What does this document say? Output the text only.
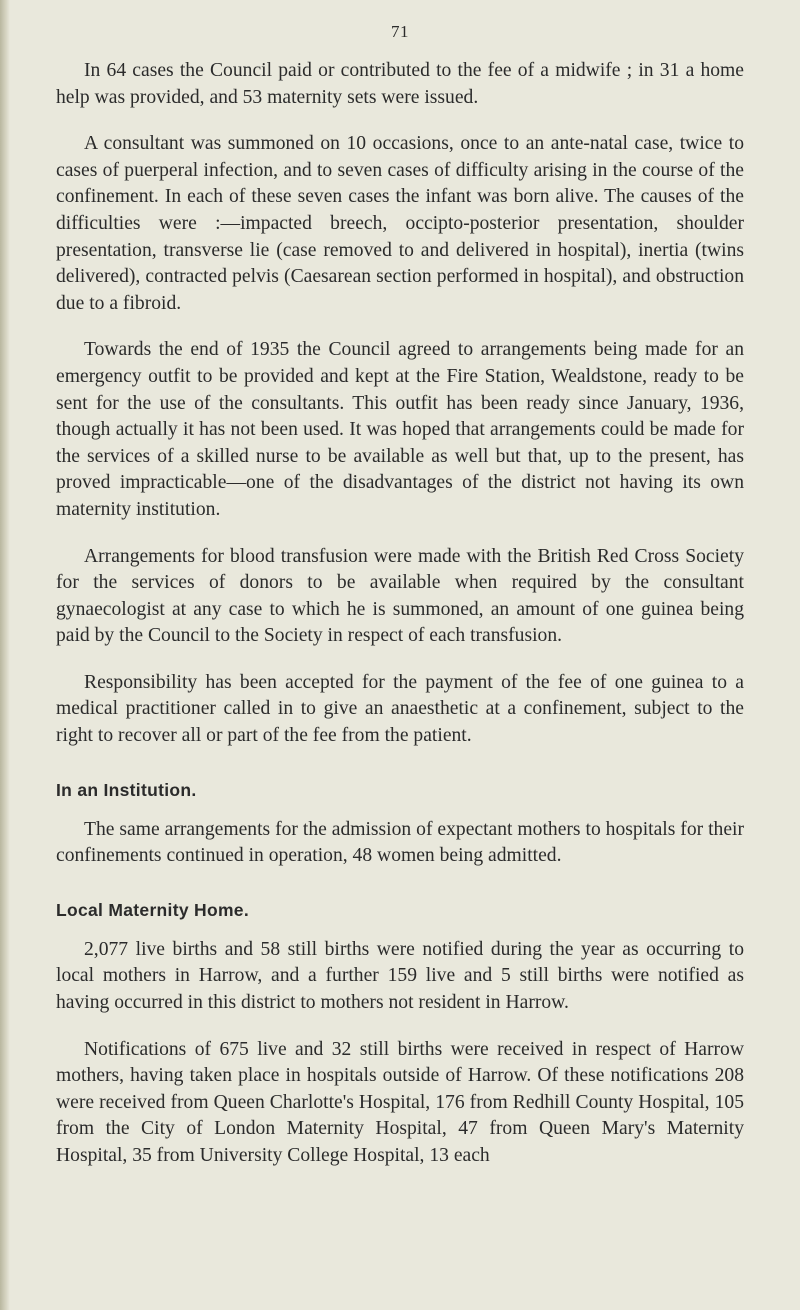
71

In 64 cases the Council paid or contributed to the fee of a midwife ; in 31 a home help was provided, and 53 maternity sets were issued.

A consultant was summoned on 10 occasions, once to an ante-natal case, twice to cases of puerperal infection, and to seven cases of difficulty arising in the course of the confinement. In each of these seven cases the infant was born alive. The causes of the difficulties were :—impacted breech, occipto-posterior presentation, shoulder presentation, transverse lie (case removed to and delivered in hospital), inertia (twins delivered), contracted pelvis (Caesarean section performed in hospital), and obstruction due to a fibroid.

Towards the end of 1935 the Council agreed to arrangements being made for an emergency outfit to be provided and kept at the Fire Station, Wealdstone, ready to be sent for the use of the consultants. This outfit has been ready since January, 1936, though actually it has not been used. It was hoped that arrangements could be made for the services of a skilled nurse to be available as well but that, up to the present, has proved impracticable—one of the disadvantages of the district not having its own maternity institution.

Arrangements for blood transfusion were made with the British Red Cross Society for the services of donors to be available when required by the consultant gynaecologist at any case to which he is summoned, an amount of one guinea being paid by the Council to the Society in respect of each transfusion.

Responsibility has been accepted for the payment of the fee of one guinea to a medical practitioner called in to give an anaesthetic at a confinement, subject to the right to recover all or part of the fee from the patient.

In an Institution.

The same arrangements for the admission of expectant mothers to hospitals for their confinements continued in operation, 48 women being admitted.

Local Maternity Home.

2,077 live births and 58 still births were notified during the year as occurring to local mothers in Harrow, and a further 159 live and 5 still births were notified as having occurred in this district to mothers not resident in Harrow.

Notifications of 675 live and 32 still births were received in respect of Harrow mothers, having taken place in hospitals outside of Harrow. Of these notifications 208 were received from Queen Charlotte's Hospital, 176 from Redhill County Hospital, 105 from the City of London Maternity Hospital, 47 from Queen Mary's Maternity Hospital, 35 from University College Hospital, 13 each
